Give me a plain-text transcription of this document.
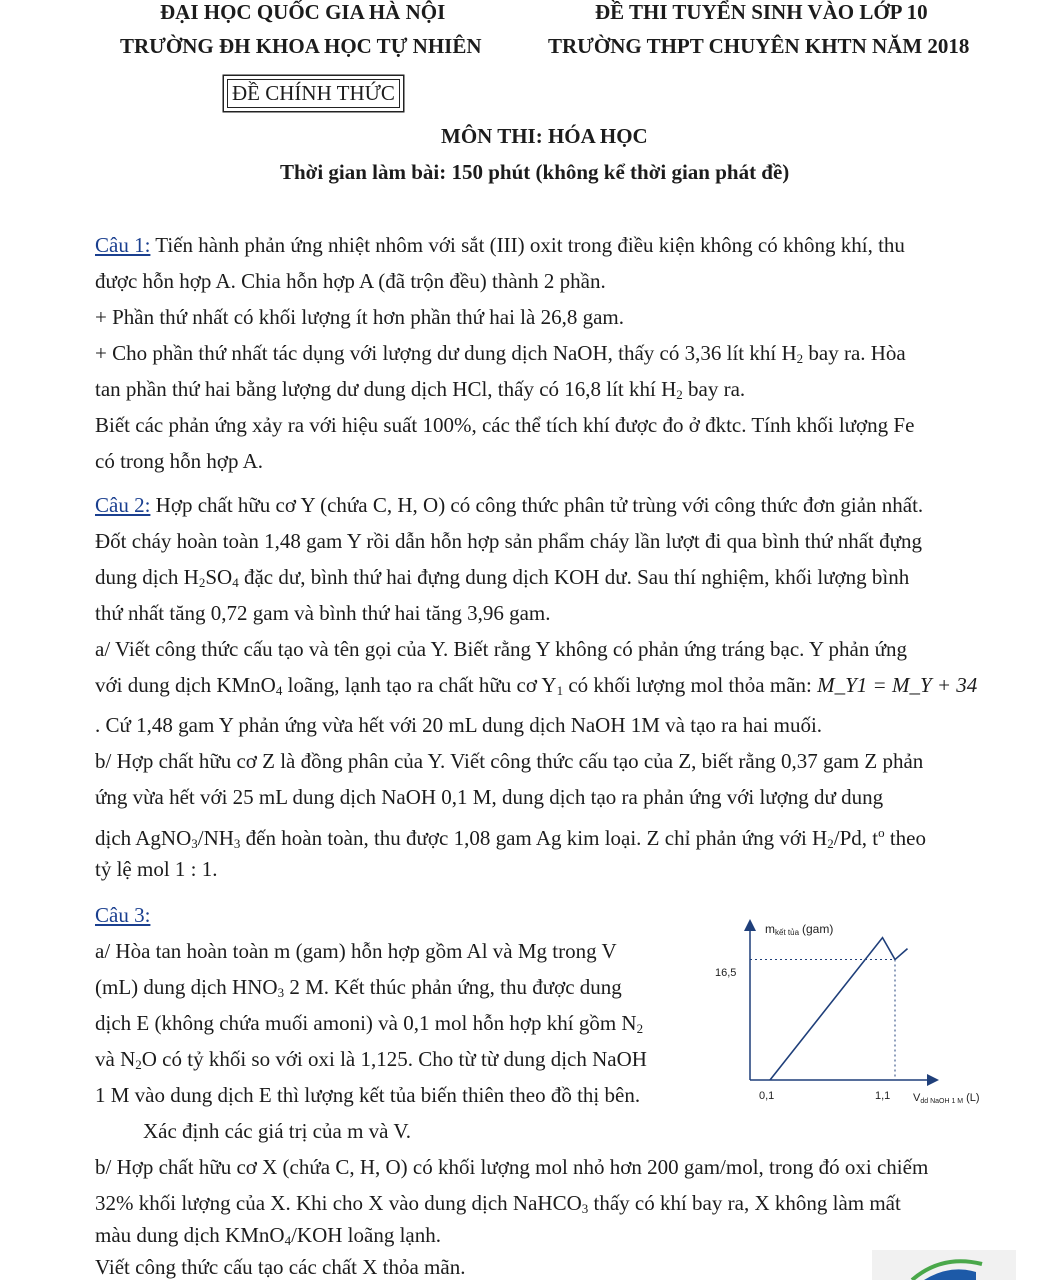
ĐẠI HỌC QUỐC GIA HÀ NỘI
TRƯỜNG ĐH KHOA HỌC TỰ NHIÊN
ĐỀ THI TUYỂN SINH VÀO LỚP 10
TRƯỜNG THPT CHUYÊN KHTN NĂM 2018
ĐỀ CHÍNH THỨC
MÔN THI: HÓA HỌC
Thời gian làm bài: 150 phút (không kể thời gian phát đề)
Câu 1: Tiến hành phản ứng nhiệt nhôm với sắt (III) oxit trong điều kiện không có không khí, thu
được hỗn hợp A. Chia hỗn hợp A (đã trộn đều) thành 2 phần.
+ Phần thứ nhất có khối lượng ít hơn phần thứ hai là 26,8 gam.
+ Cho phần thứ nhất tác dụng với lượng dư dung dịch NaOH, thấy có 3,36 lít khí $H_2$ bay ra. Hòa
tan phần thứ hai bằng lượng dư dung dịch HCl, thấy có 16,8 lít khí $H_2$ bay ra.
Biết các phản ứng xảy ra với hiệu suất 100%, các thể tích khí được đo ở đktc. Tính khối lượng Fe
có trong hỗn hợp A.
Câu 2: Hợp chất hữu cơ Y (chứa C, H, O) có công thức phân tử trùng với công thức đơn giản nhất.
Đốt cháy hoàn toàn 1,48 gam Y rồi dẫn hỗn hợp sản phẩm cháy lần lượt đi qua bình thứ nhất đựng
dung dịch $H_2SO_4$ đặc dư, bình thứ hai đựng dung dịch KOH dư. Sau thí nghiệm, khối lượng bình
thứ nhất tăng 0,72 gam và bình thứ hai tăng 3,96 gam.
a/ Viết công thức cấu tạo và tên gọi của Y. Biết rằng Y không có phản ứng tráng bạc. Y phản ứng
với dung dịch KMnO$_4$ loãng, lạnh tạo ra chất hữu cơ $Y_1$ có khối lượng mol thỏa mãn: M_Y1 = M_Y + 34
. Cứ 1,48 gam Y phản ứng vừa hết với 20 mL dung dịch NaOH 1M và tạo ra hai muối.
b/ Hợp chất hữu cơ Z là đồng phân của Y. Viết công thức cấu tạo của Z, biết rằng 0,37 gam Z phản
ứng vừa hết với 25 mL dung dịch NaOH 0,1 M, dung dịch tạo ra phản ứng với lượng dư dung
dịch $AgNO_3/NH_3$ đến hoàn toàn, thu được 1,08 gam Ag kim loại. Z chỉ phản ứng với $H_2/Pd$, $t^o$ theo
tỷ lệ mol 1 : 1.
Câu 3:
a/ Hòa tan hoàn toàn m (gam) hỗn hợp gồm Al và Mg trong V
(mL) dung dịch $HNO_3$ 2 M. Kết thúc phản ứng, thu được dung
dịch E (không chứa muối amoni) và 0,1 mol hỗn hợp khí gồm $N_2$
và $N_2O$ có tỷ khối so với oxi là 1,125. Cho từ từ dung dịch NaOH
1 M vào dung dịch E thì lượng kết tủa biến thiên theo đồ thị bên.
Xác định các giá trị của m và V.
b/ Hợp chất hữu cơ X (chứa C, H, O) có khối lượng mol nhỏ hơn 200 gam/mol, trong đó oxi chiếm
32% khối lượng của X. Khi cho X vào dung dịch NaHCO$_3$ thấy có khí bay ra, X không làm mất
màu dung dịch KMnO$_4$/KOH loãng lạnh.
Viết công thức cấu tạo các chất X thỏa mãn.
mkết tủa (gam)
Vdd NaOH 1 M (L)
16,5
0,1	1,1
